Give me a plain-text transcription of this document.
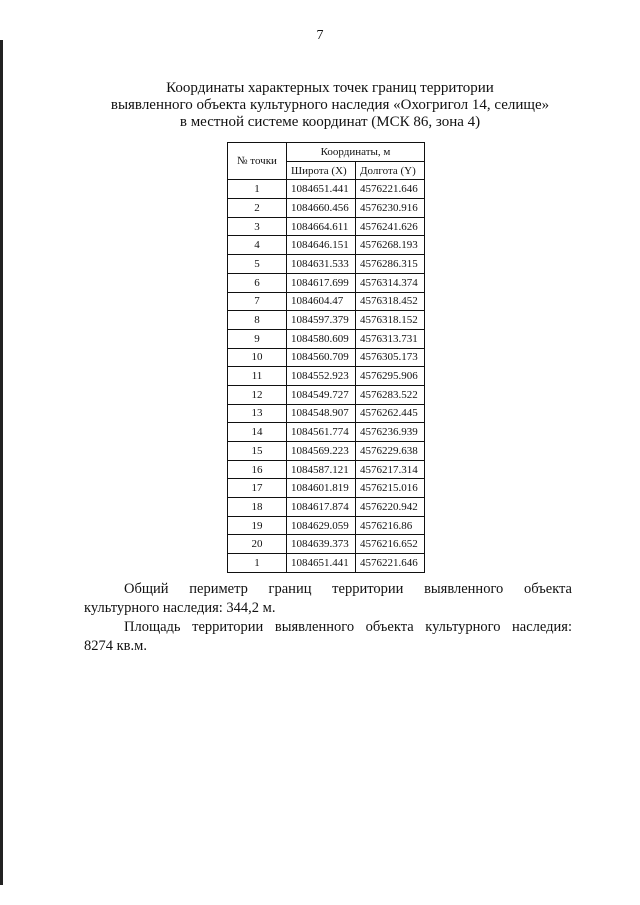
7
Координаты характерных точек границ территории
выявленного объекта культурного наследия «Охогригол 14, селище»
в местной системе координат (МСК 86, зона 4)
№ точки	Координаты, м	
	Широта (X)	Долгота (Y)
1	1084651.441	4576221.646
2	1084660.456	4576230.916
3	1084664.611	4576241.626
4	1084646.151	4576268.193
5	1084631.533	4576286.315
6	1084617.699	4576314.374
7	1084604.47	4576318.452
8	1084597.379	4576318.152
9	1084580.609	4576313.731
10	1084560.709	4576305.173
11	1084552.923	4576295.906
12	1084549.727	4576283.522
13	1084548.907	4576262.445
14	1084561.774	4576236.939
15	1084569.223	4576229.638
16	1084587.121	4576217.314
17	1084601.819	4576215.016
18	1084617.874	4576220.942
19	1084629.059	4576216.86
20	1084639.373	4576216.652
1	1084651.441	4576221.646

Общий периметр границ территории выявленного объекта

культурного наследия: 344,2 м.

Площадь территории выявленного объекта культурного наследия:

8274 кв.м.
